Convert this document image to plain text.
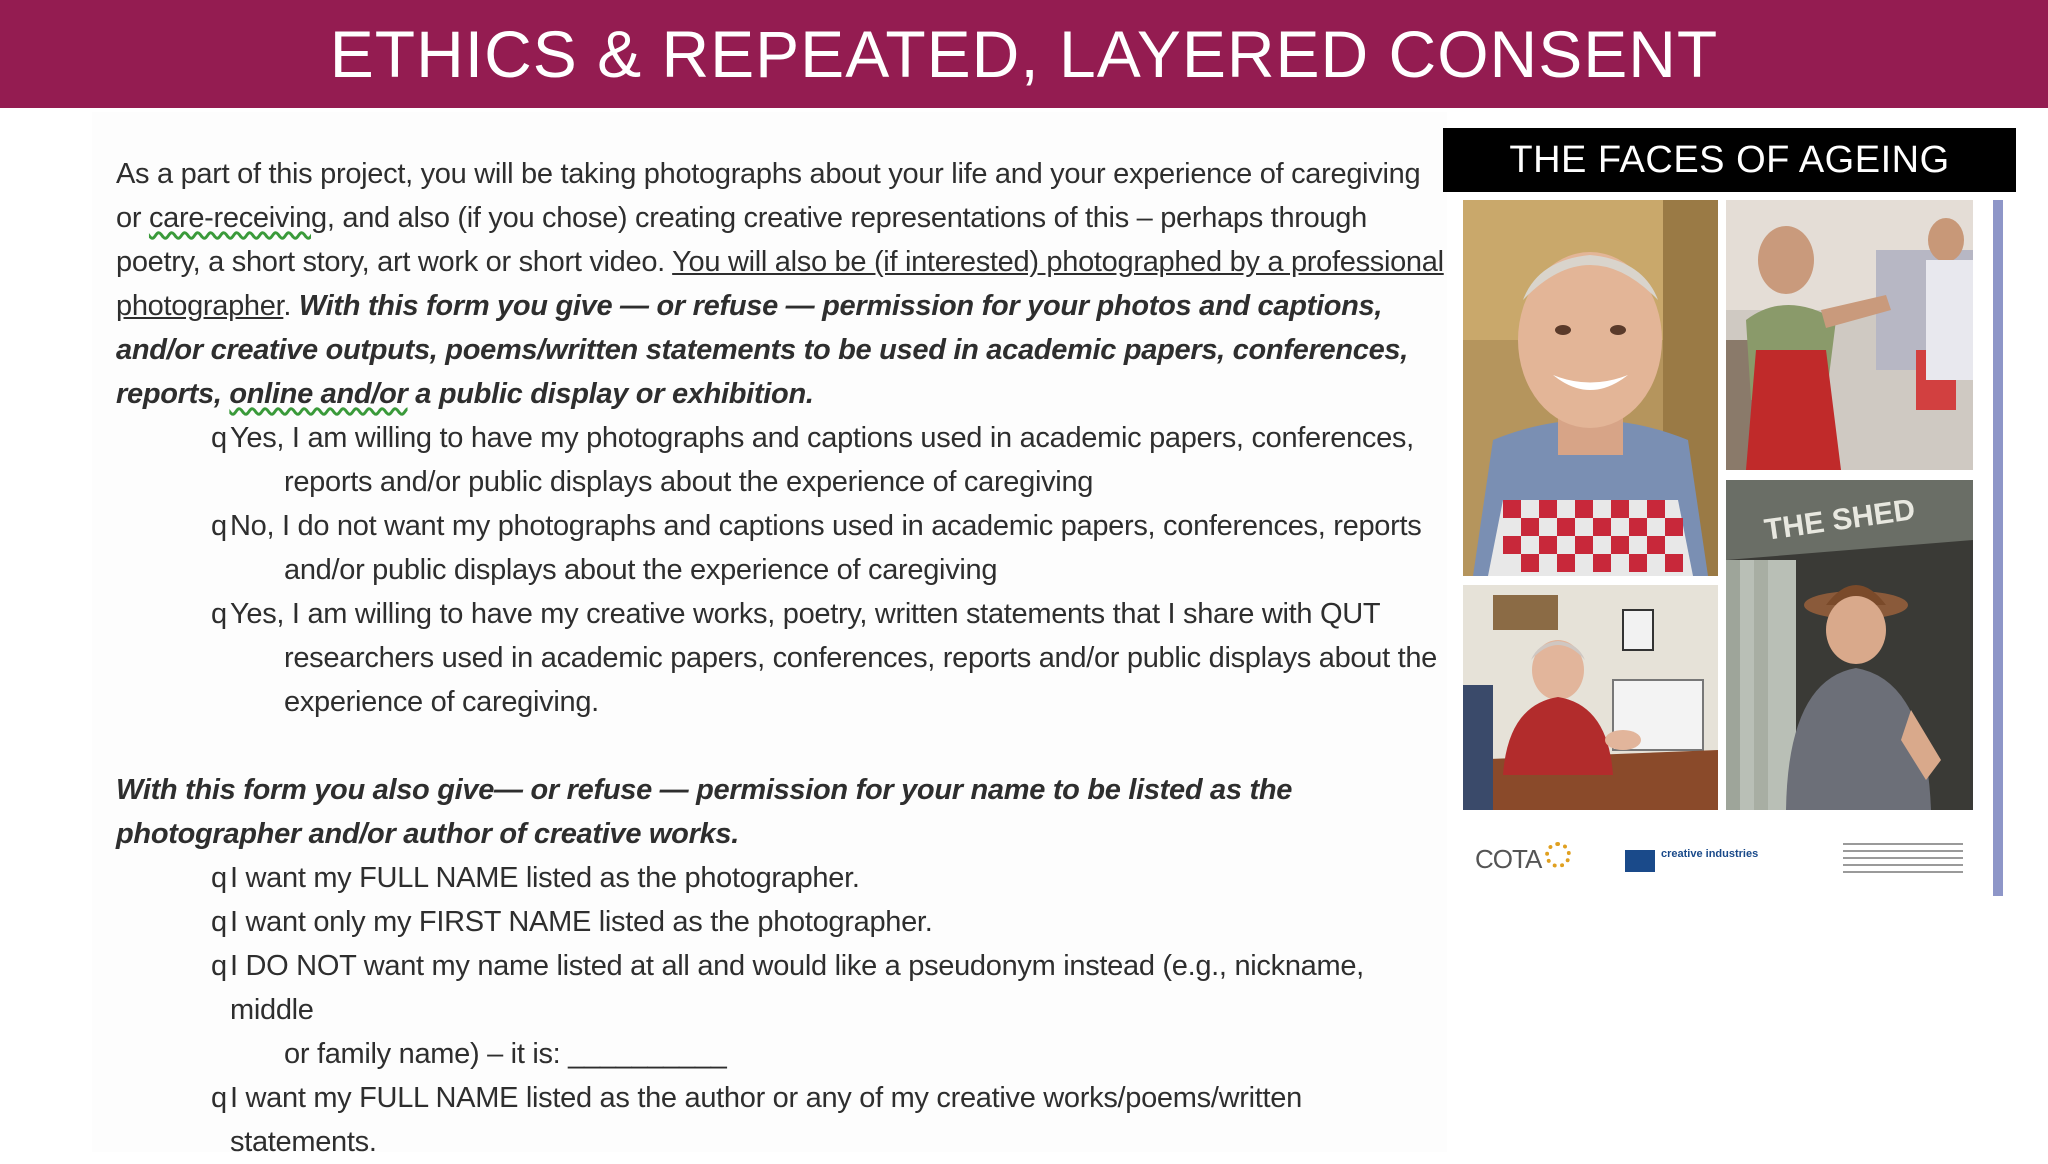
ETHICS & REPEATED, LAYERED CONSENT

As a part of this project, you will be taking photographs about your life and your experience of caregiving or care-receiving, and also (if you chose) creating creative representations of this – perhaps through poetry, a short story, art work or short video. You will also be (if interested) photographed by a professional photographer. With this form you give — or refuse — permission for your photos and captions, and/or creative outputs, poems/written statements to be used in academic papers, conferences, reports, online and/or a public display or exhibition.

q Yes, I am willing to have my photographs and captions used in academic papers, conferences,
reports and/or public displays about the experience of caregiving
q No, I do not want my photographs and captions used in academic papers, conferences, reports
and/or public displays about the experience of caregiving
q Yes, I am willing to have my creative works, poetry, written statements that I share with QUT
researchers used in academic papers, conferences, reports and/or public displays about the
experience of caregiving.

With this form you also give— or refuse — permission for your name to be listed as the photographer and/or author of creative works.

q I want my FULL NAME listed as the photographer.
q I want only my FIRST NAME listed as the photographer.
q I DO NOT want my name listed at all and would like a pseudonym instead (e.g., nickname, middle
or family name) – it is: __________
q I want my FULL NAME listed as the author or any of my creative works/poems/written statements.
THE FACES OF AGEING
THE SHED
COTA	creative industries
